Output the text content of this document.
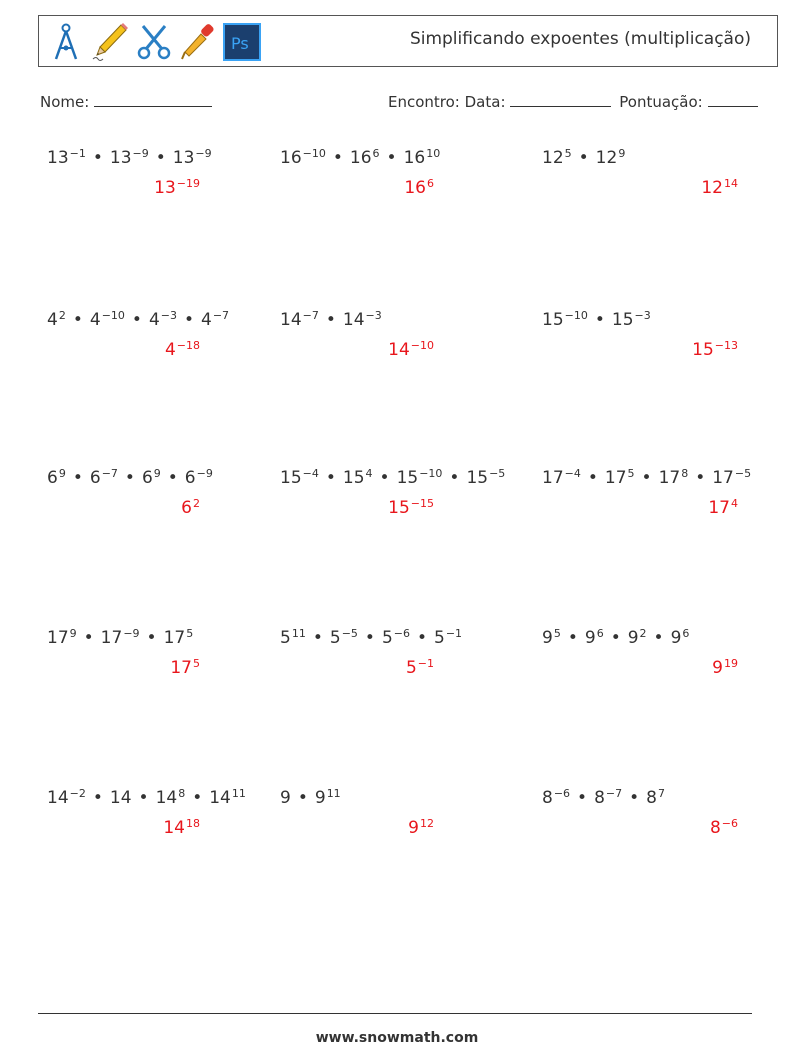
Ps	Simplificando expoentes (multiplicação)
Nome:	Encontro: Data:	Pontuação:
$13^{-1}$ • $13^{-9}$ • $13^{-9}$
$13^{-19}$
$16^{-10}$ • $16^6$ • $16^{10}$
$16^6$
$12^5$ • $12^9$
$12^{14}$
$4^2$ • $4^{-10}$ • $4^{-3}$ • $4^{-7}$
$4^{-18}$
$14^{-7}$ • $14^{-3}$
$14^{-10}$
$15^{-10}$ • $15^{-3}$
$15^{-13}$
$6^9$ • $6^{-7}$ • $6^9$ • $6^{-9}$
$6^2$
$15^{-4}$ • $15^4$ • $15^{-10}$ • $15^{-5}$
$15^{-15}$
$17^{-4}$ • $17^5$ • $17^8$ • $17^{-5}$
$17^4$
$17^9$ • $17^{-9}$ • $17^5$
$17^5$
$5^{11}$ • $5^{-5}$ • $5^{-6}$ • $5^{-1}$
$5^{-1}$
$9^5$ • $9^6$ • $9^2$ • $9^6$
$9^{19}$
$14^{-2}$ • 14 • $14^8$ • $14^{11}$
$14^{18}$
9 • $9^{11}$
$9^{12}$
$8^{-6}$ • $8^{-7}$ • $8^7$
$8^{-6}$
www.snowmath.com
